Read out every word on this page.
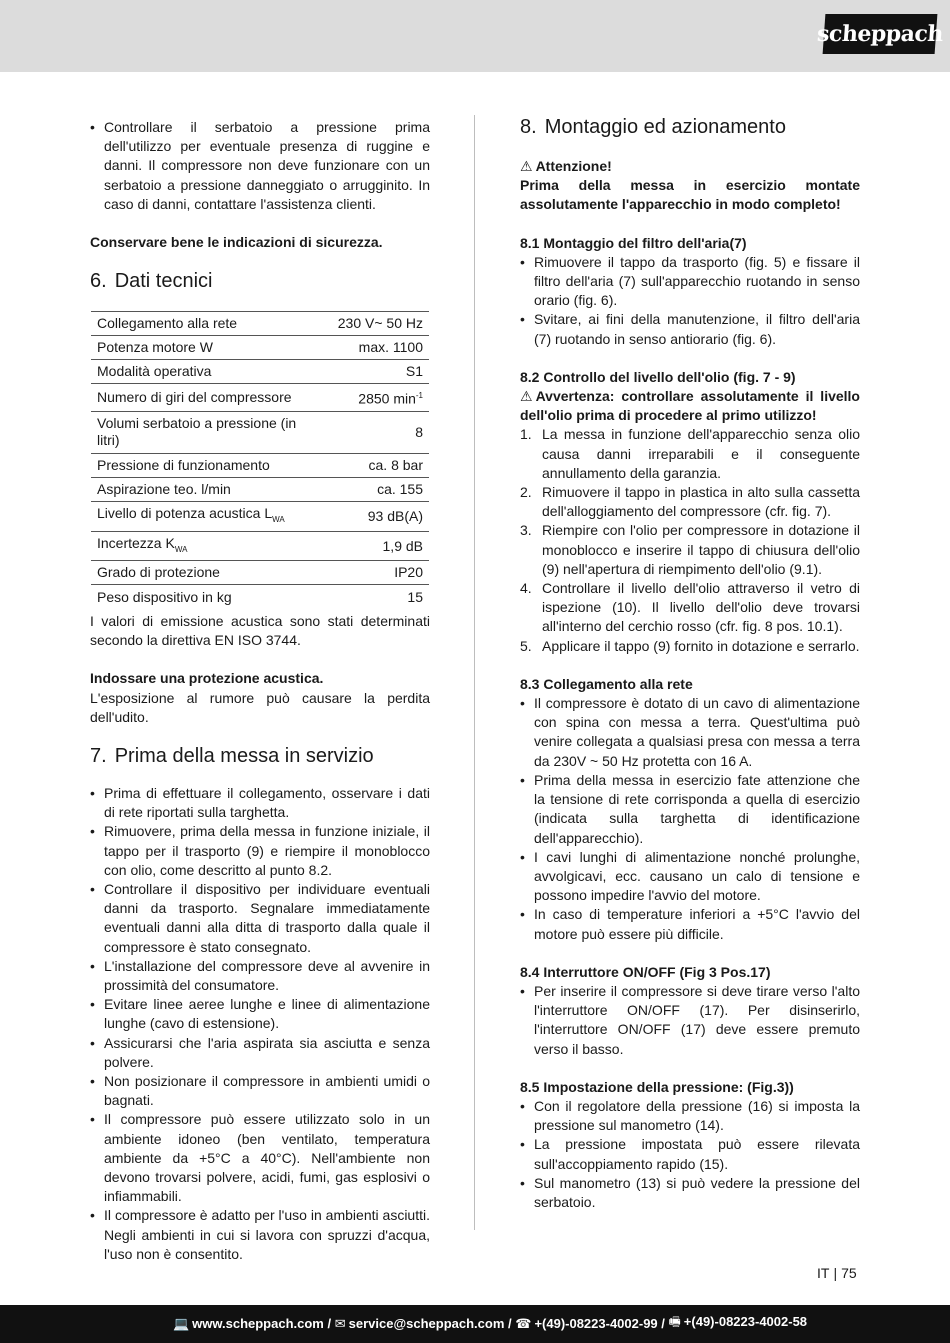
scheppach
• Controllare il serbatoio a pressione prima dell'utilizzo per eventuale presenza di ruggine e danni. Il compressore non deve funzionare con un serbatoio a pressione danneggiato o arrugginito. In caso di danni, contattare l'assistenza clienti.

Conservare bene le indicazioni di sicurezza.

6. Dati tecnici
Collegamento alla rete	230 V~ 50 Hz
Potenza motore W	max. 1100
Modalità operativa	S1
Numero di giri del compressore	2850 $\min^{-1}$
Volumi serbatoio a pressione (in litri)	8
Pressione di funzionamento	ca. 8 bar
Aspirazione teo. l/min	ca. 155
Livello di potenza acustica $L_{WA}$	93 dB(A)
Incertezza $K_{WA}$	1,9 dB
Grado di protezione	IP20
Peso dispositivo in kg	15

I valori di emissione acustica sono stati determinati secondo la direttiva EN ISO 3744.

Indossare una protezione acustica.

L'esposizione al rumore può causare la perdita dell'udito.

7. Prima della messa in servizio
• Prima di effettuare il collegamento, osservare i dati di rete riportati sulla targhetta.
• Rimuovere, prima della messa in funzione iniziale, il tappo per il trasporto (9) e riempire il monoblocco con olio, come descritto al punto 8.2.
• Controllare il dispositivo per individuare eventuali danni da trasporto. Segnalare immediatamente eventuali danni alla ditta di trasporto dalla quale il compressore è stato consegnato.
• L'installazione del compressore deve al avvenire in prossimità del consumatore.
• Evitare linee aeree lunghe e linee di alimentazione lunghe (cavo di estensione).
• Assicurarsi che l'aria aspirata sia asciutta e senza polvere.
• Non posizionare il compressore in ambienti umidi o bagnati.
• Il compressore può essere utilizzato solo in un ambiente idoneo (ben ventilato, temperatura ambiente da +5°C a 40°C). Nell'ambiente non devono trovarsi polvere, acidi, fumi, gas esplosivi o infiammabili.
• Il compressore è adatto per l'uso in ambienti asciutti. Negli ambienti in cui si lavora con spruzzi d'acqua, l'uso non è consentito.
8. Montaggio ed azionamento

⚠ Attenzione!

Prima della messa in esercizio montate assolutamente l'apparecchio in modo completo!

8.1 Montaggio del filtro dell'aria(7)

• Rimuovere il tappo da trasporto (fig. 5) e fissare il filtro dell'aria (7) sull'apparecchio ruotando in senso orario (fig. 6).
• Svitare, ai fini della manutenzione, il filtro dell'aria (7) ruotando in senso antiorario (fig. 6).

8.2 Controllo del livello dell'olio (fig. 7 - 9)

⚠ Avvertenza: controllare assolutamente il livello dell'olio prima di procedere al primo utilizzo!

1. La messa in funzione dell'apparecchio senza olio causa danni irreparabili e il conseguente annullamento della garanzia.
2. Rimuovere il tappo in plastica in alto sulla cassetta dell'alloggiamento del compressore (cfr. fig. 7).
3. Riempire con l'olio per compressore in dotazione il monoblocco e inserire il tappo di chiusura dell'olio (9) nell'apertura di riempimento dell'olio (9.1).
4. Controllare il livello dell'olio attraverso il vetro di ispezione (10). Il livello dell'olio deve trovarsi all'interno del cerchio rosso (cfr. fig. 8 pos. 10.1).
5. Applicare il tappo (9) fornito in dotazione e serrarlo.

8.3 Collegamento alla rete

• Il compressore è dotato di un cavo di alimentazione con spina con messa a terra. Quest'ultima può venire collegata a qualsiasi presa con messa a terra da 230V ~ 50 Hz protetta con 16 A.
• Prima della messa in esercizio fate attenzione che la tensione di rete corrisponda a quella di esercizio (indicata sulla targhetta di identificazione dell'apparecchio).
• I cavi lunghi di alimentazione nonché prolunghe, avvolgicavi, ecc. causano un calo di tensione e possono impedire l'avvio del motore.
• In caso di temperature inferiori a +5°C l'avvio del motore può essere più difficile.

8.4 Interruttore ON/OFF (Fig 3 Pos.17)

• Per inserire il compressore si deve tirare verso l'alto l'interruttore ON/OFF (17). Per disinserirlo, l'interruttore ON/OFF (17) deve essere premuto verso il basso.

8.5 Impostazione della pressione: (Fig.3))

• Con il regolatore della pressione (16) si imposta la pressione sul manometro (14).
• La pressione impostata può essere rilevata sull'accoppiamento rapido (15).
• Sul manometro (13) si può vedere la pressione del serbatoio.
IT | 75
💻 www.scheppach.com /
✉ service@scheppach.com /
☎ +(49)-08223-4002-99 /
🖷 +(49)-08223-4002-58
